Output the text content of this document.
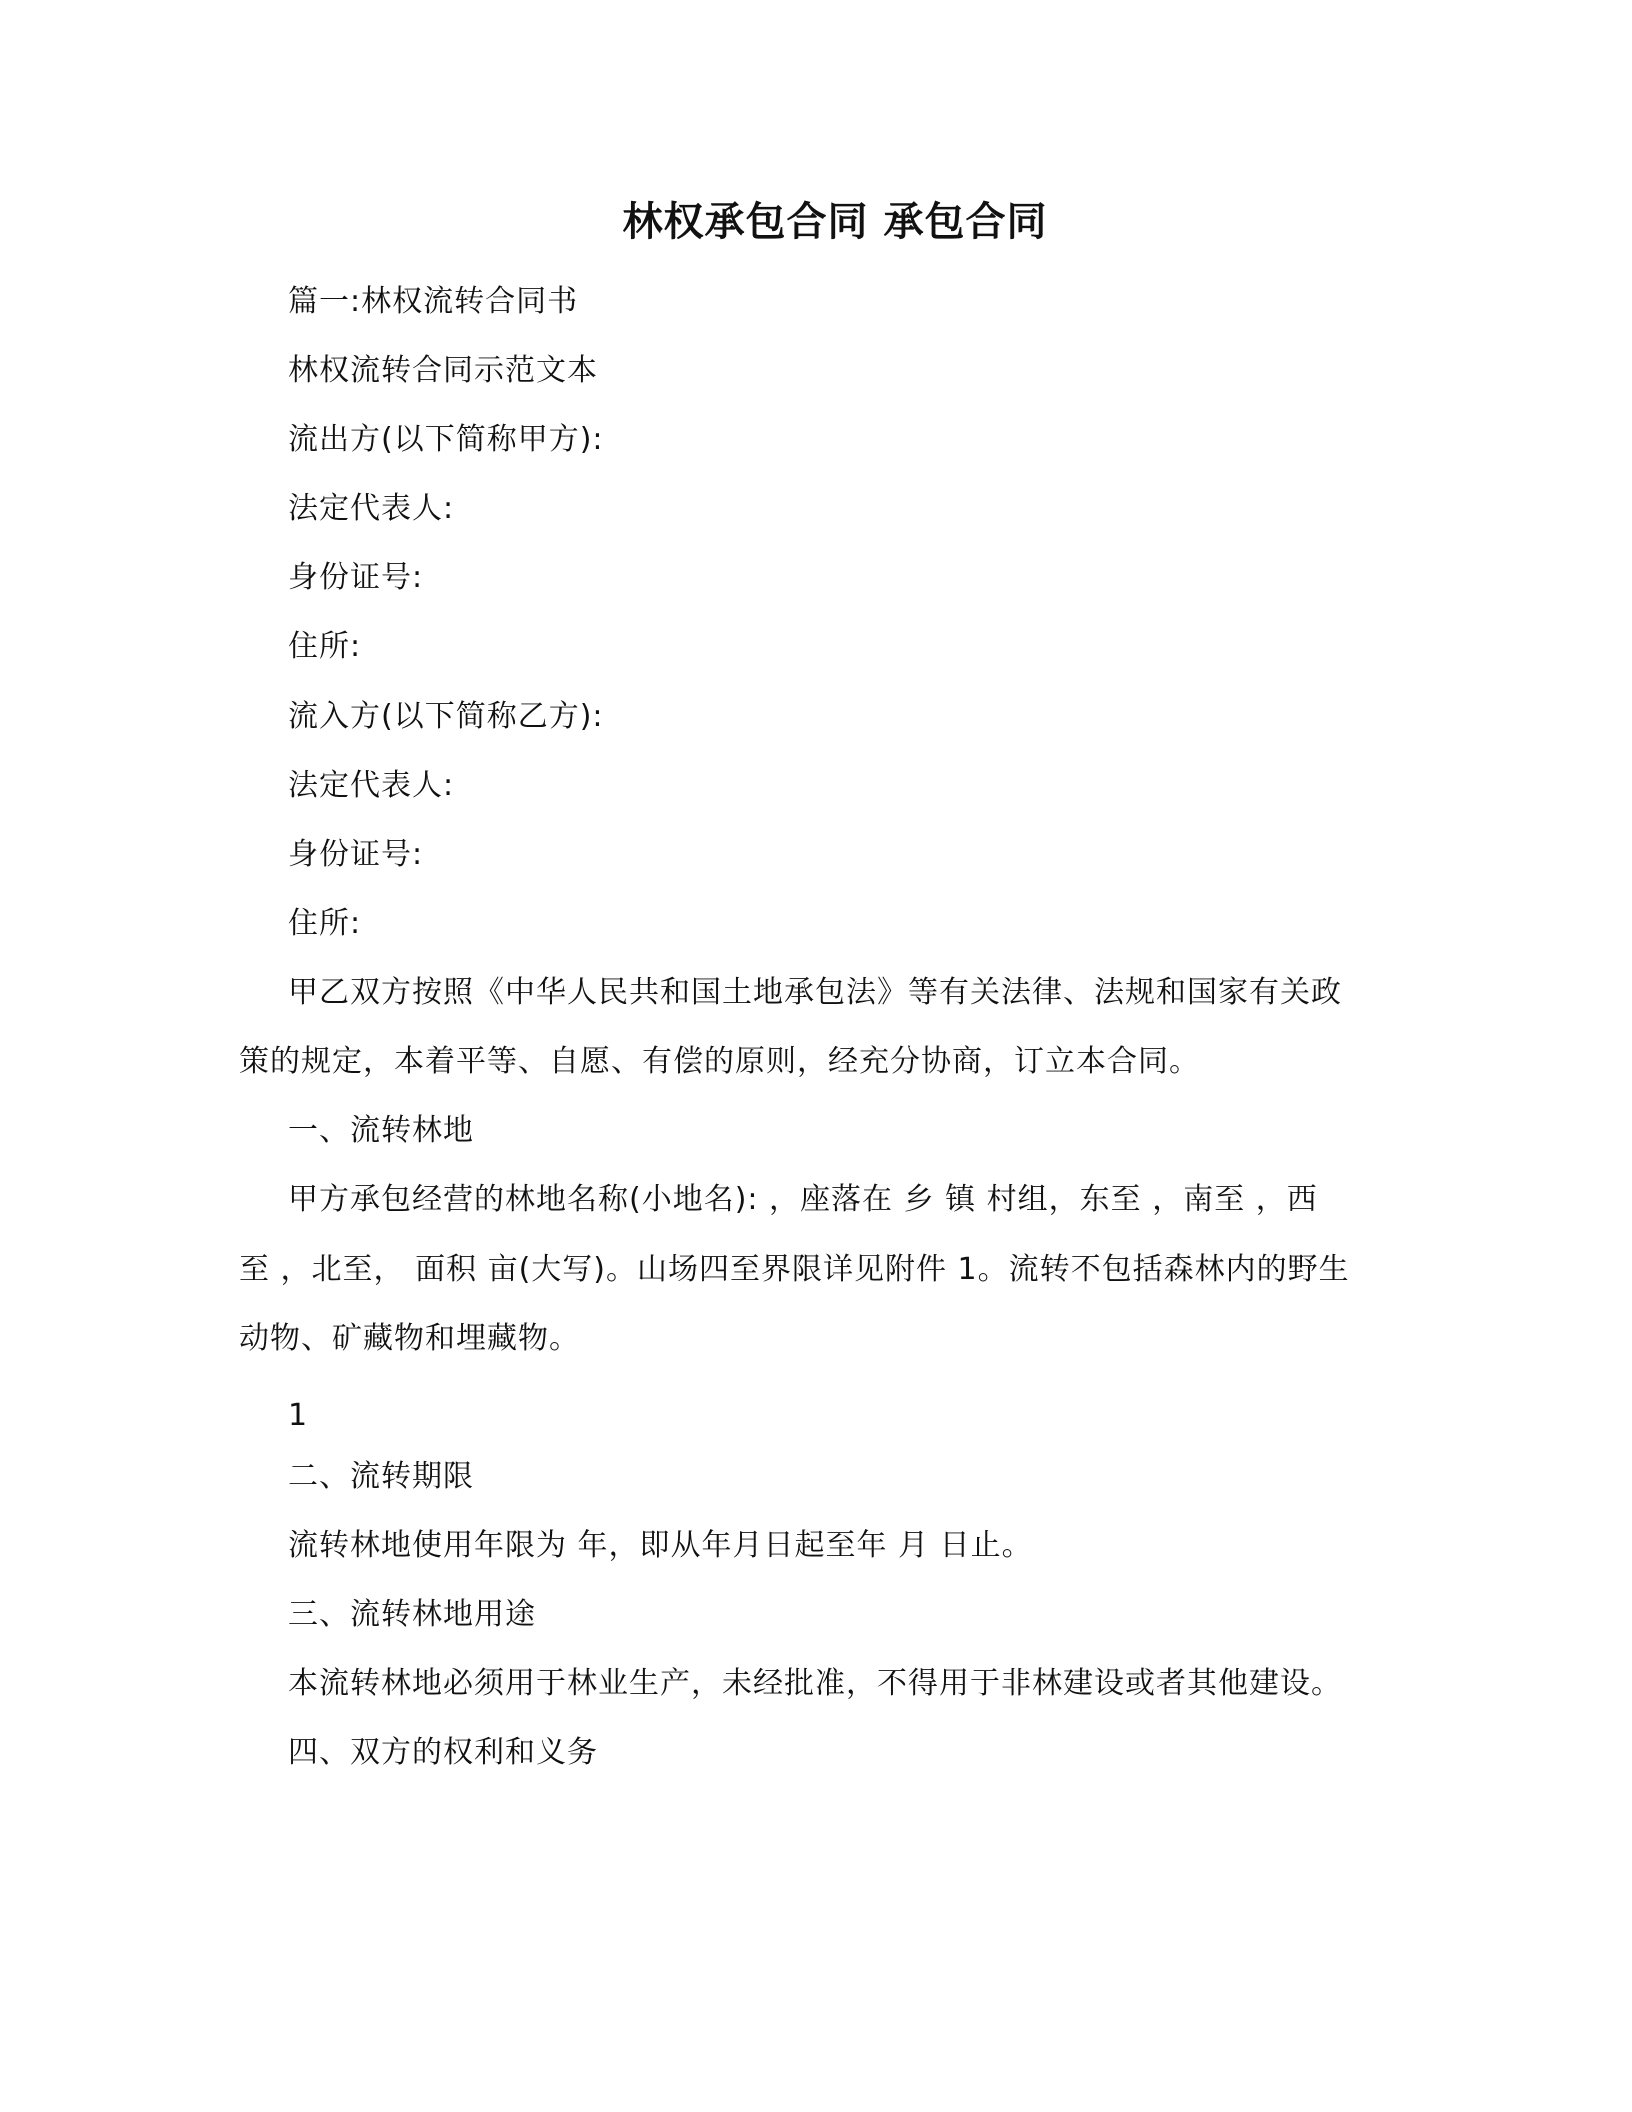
林权承包合同 承包合同
篇一:林权流转合同书
林权流转合同示范文本
流出方(以下简称甲方):
法定代表人:
身份证号:
住所:
流入方(以下简称乙方):
法定代表人:
身份证号:
住所:
甲乙双方按照《中华人民共和国土地承包法》等有关法律、法规和国家有关政
策的规定，本着平等、自愿、有偿的原则，经充分协商，订立本合同。
一、流转林地
甲方承包经营的林地名称(小地名): ，座落在 乡 镇 村组，东至 ，南至 ，西
至 ，北至， 面积 亩(大写)。山场四至界限详见附件 1。流转不包括森林内的野生
动物、矿藏物和埋藏物。
1
二、流转期限
流转林地使用年限为 年，即从年月日起至年 月 日止。
三、流转林地用途
本流转林地必须用于林业生产，未经批准，不得用于非林建设或者其他建设。
四、双方的权利和义务
